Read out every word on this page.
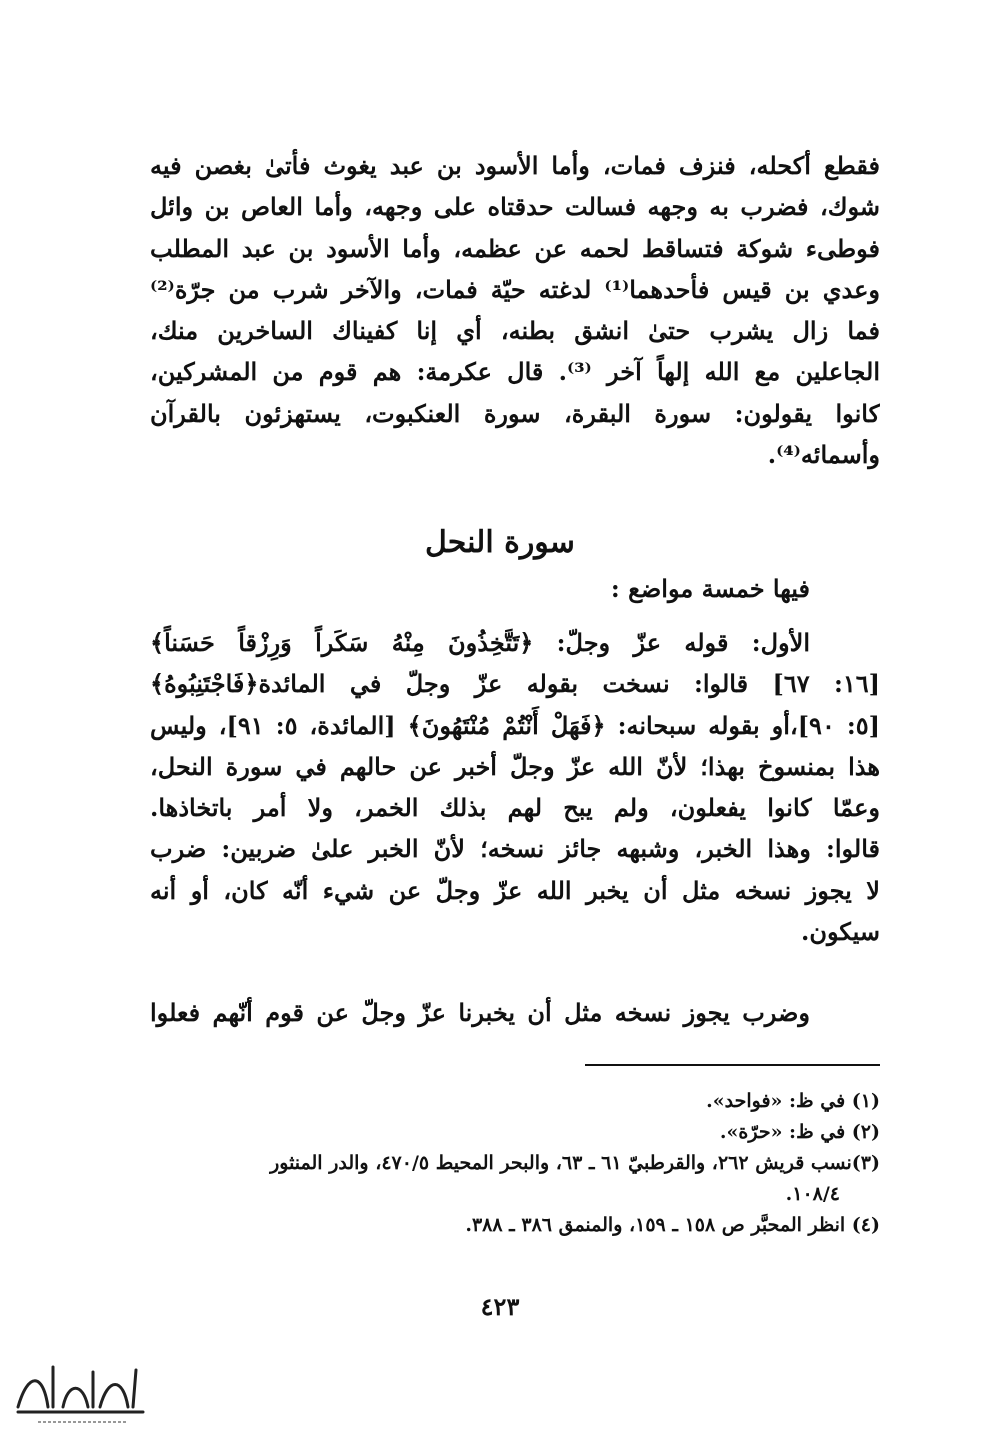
فقطع أكحله، فنزف فمات، وأما الأسود بن عبد يغوث فأتىٰ بغصن فيه
شوك، فضرب به وجهه فسالت حدقتاه على وجهه، وأما العاص بن وائل
فوطىء شوكة فتساقط لحمه عن عظمه، وأما الأسود بن عبد المطلب
وعدي بن قيس فأحدهما⁽¹⁾ لدغته حيّة فمات، والآخر شرب من جرّة⁽²⁾
فما زال يشرب حتىٰ انشق بطنه، أي إنا كفيناك الساخرين منك،
الجاعلين مع الله إلهاً آخر ⁽³⁾. قال عكرمة: هم قوم من المشركين،
كانوا يقولون: سورة البقرة، سورة العنكبوت، يستهزئون بالقرآن
وأسمائه⁽⁴⁾.
سورة النحل
فيها خمسة مواضع :
الأول: قوله عزّ وجلّ: ﴿تَتَّخِذُونَ مِنْهُ سَكَراً وَرِزْقاً حَسَناً﴾
[١٦: ٦٧] قالوا: نسخت بقوله عزّ وجلّ في المائدة﴿فَاجْتَنِبُوهُ﴾
[٥: ٩٠]،أو بقوله سبحانه: ﴿فَهَلْ أَنْتُمْ مُنْتَهُونَ﴾ [المائدة، ٥: ٩١]، وليس
هذا بمنسوخ بهذا؛ لأنّ الله عزّ وجلّ أخبر عن حالهم في سورة النحل،
وعمّا كانوا يفعلون، ولم يبح لهم بذلك الخمر، ولا أمر باتخاذها.
قالوا: وهذا الخبر، وشبهه جائز نسخه؛ لأنّ الخبر علىٰ ضربين: ضرب
لا يجوز نسخه مثل أن يخبر الله عزّ وجلّ عن شيء أنّه كان، أو أنه
سيكون.
وضرب يجوز نسخه مثل أن يخبرنا عزّ وجلّ عن قوم أنّهم فعلوا
(١) في ظ: «فواحد».
(٢) في ظ: «حرّة».
(٣)نسب قريش ٢٦٢، والقرطبيّ ٦١ ـ ٦٣، والبحر المحيط ٤٧٠/٥، والدر المنثور
١٠٨/٤.
(٤) انظر المحبَّر ص ١٥٨ ـ ١٥٩، والمنمق ٣٨٦ ـ ٣٨٨.
٤٢٣
